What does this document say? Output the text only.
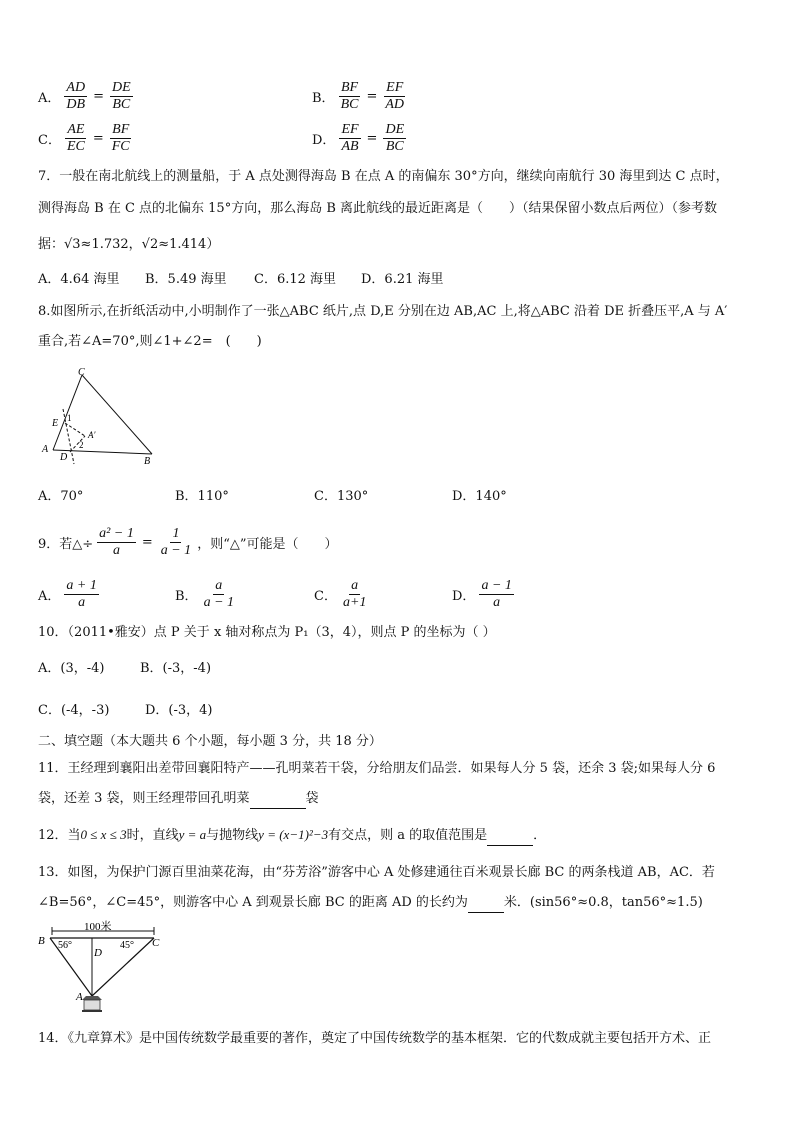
A． $\frac{AD}{DB} = \frac{DE}{BC}$	B． $\frac{BF}{BC} = \frac{EF}{AD}$
C． $\frac{AE}{EC} = \frac{BF}{FC}$	D． $\frac{EF}{AB} = \frac{DE}{BC}$
7．一般在南北航线上的测量船，于 A 点处测得海岛 B 在点 A 的南偏东 30°方向，继续向南航行 30 海里到达 C 点时，
测得海岛 B 在 C 点的北偏东 15°方向，那么海岛 B 离此航线的最近距离是（　　）（结果保留小数点后两位）（参考数
据：√3≈1.732，√2≈1.414）
A．4.64 海里 B．5.49 海里 C．6.12 海里 D．6.21 海里
8.如图所示,在折纸活动中,小明制作了一张△ABC 纸片,点 D,E 分别在边 AB,AC 上,将△ABC 沿着 DE 折叠压平,A 与 A′
重合,若∠A=70°,则∠1+∠2=　(　　)
C
E 1
A′
2
A
D	B
A．70°	B．110°	C．130°	D．140°
9．若△÷ $\frac{\text{a² − 1}}{a} = \frac{1}{a - 1}$ ，则“△”可能是（　　）
A． $\frac{a + 1}{a}$	B． $\frac{a}{a - 1}$	C． $\frac{a}{a+1}$	D． $\frac{a - 1}{a}$
10．（2011•雅安）点 P 关于 x 轴对称点为 P₁（3，4），则点 P 的坐标为（ ）
A．(3，-4)	B．(-3，-4)
C．(-4，-3)	D．(-3，4)
二、填空题（本大题共 6 个小题，每小题 3 分，共 18 分）
11．王经理到襄阳出差带回襄阳特产——孔明菜若干袋，分给朋友们品尝．如果每人分 5 袋，还余 3 袋;如果每人分 6
袋，还差 3 袋，则王经理带回孔明菜	袋
12．当0 ≤ x ≤ 3时，直线y = a与抛物线y = (x−1)²−3有交点，则 a 的取值范围是	．
13．如图，为保护门源百里油菜花海，由“芬芳浴”游客中心 A 处修建通往百米观景长廊 BC 的两条栈道 AB，AC．若
∠B=56°，∠C=45°，则游客中心 A 到观景长廊 BC 的距离 AD 的长约为	米．(sin56°≈0.8，tan56°≈1.5)
100米
B 56°	45° C
D
A
14．《九章算术》是中国传统数学最重要的著作，奠定了中国传统数学的基本框架．它的代数成就主要包括开方术、正
